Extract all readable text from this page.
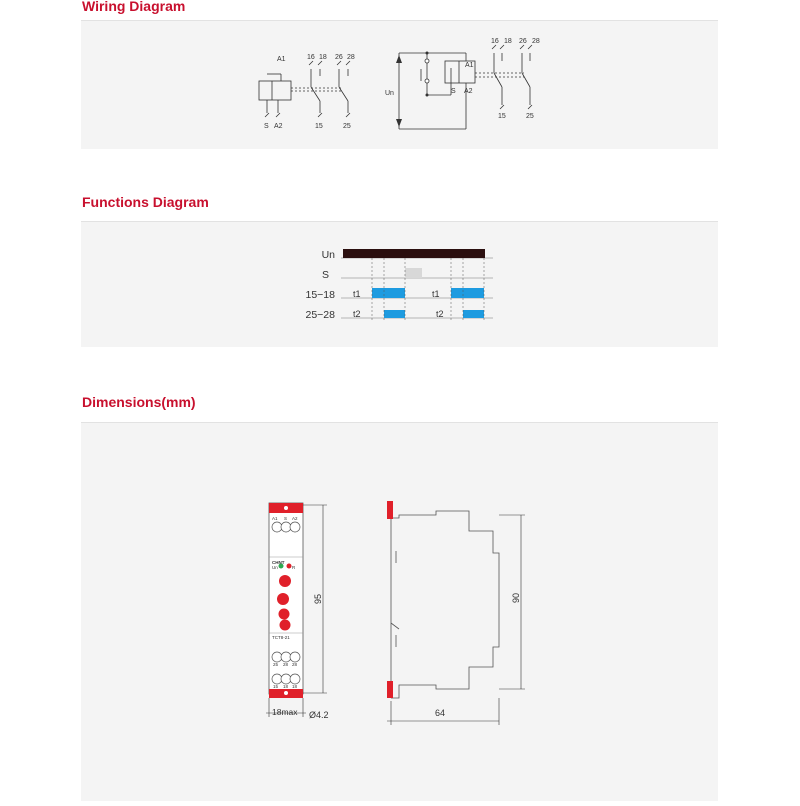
Wiring Diagram
A1	16 18 26 28
S A2	15	25
Un
A1
S A2
16 18 26 28
15	25
Functions Diagram
Un
S
15−18
25−28
t1	t1
t2	t2
Dimensions(mm)
A1 S A2
CHNT
Un	R
TCT8-21
25 28 28
15 18 18
95
18max Ø4.2
90
64
